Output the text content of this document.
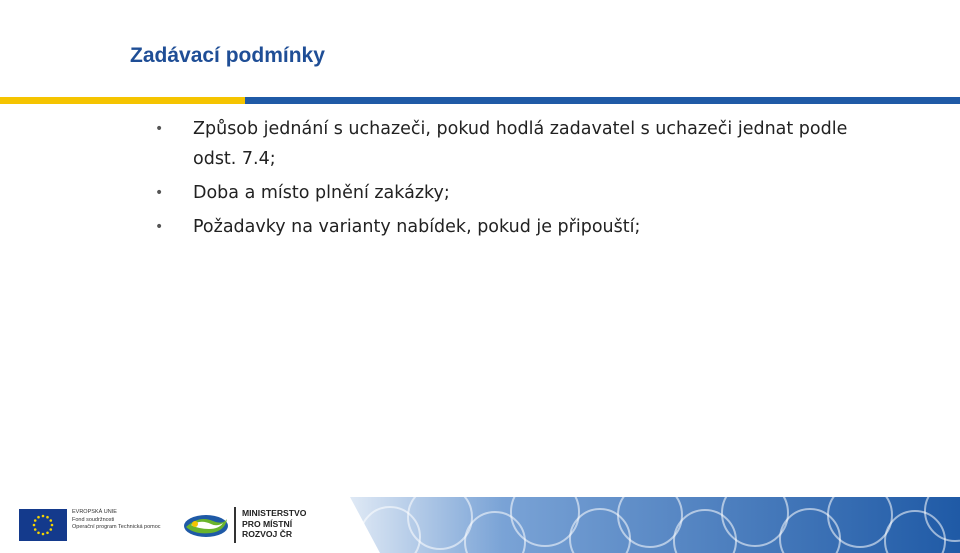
Zadávací podmínky
• Způsob jednání s uchazeči, pokud hodlá zadavatel s uchazeči jednat podle odst. 7.4;
• Doba a místo plnění zakázky;
• Požadavky na varianty nabídek, pokud je připouští;
EVROPSKÁ UNIE
Fond soudržnosti
Operační program Technická pomoc
MINISTERSTVO
PRO MÍSTNÍ
ROZVOJ ČR
